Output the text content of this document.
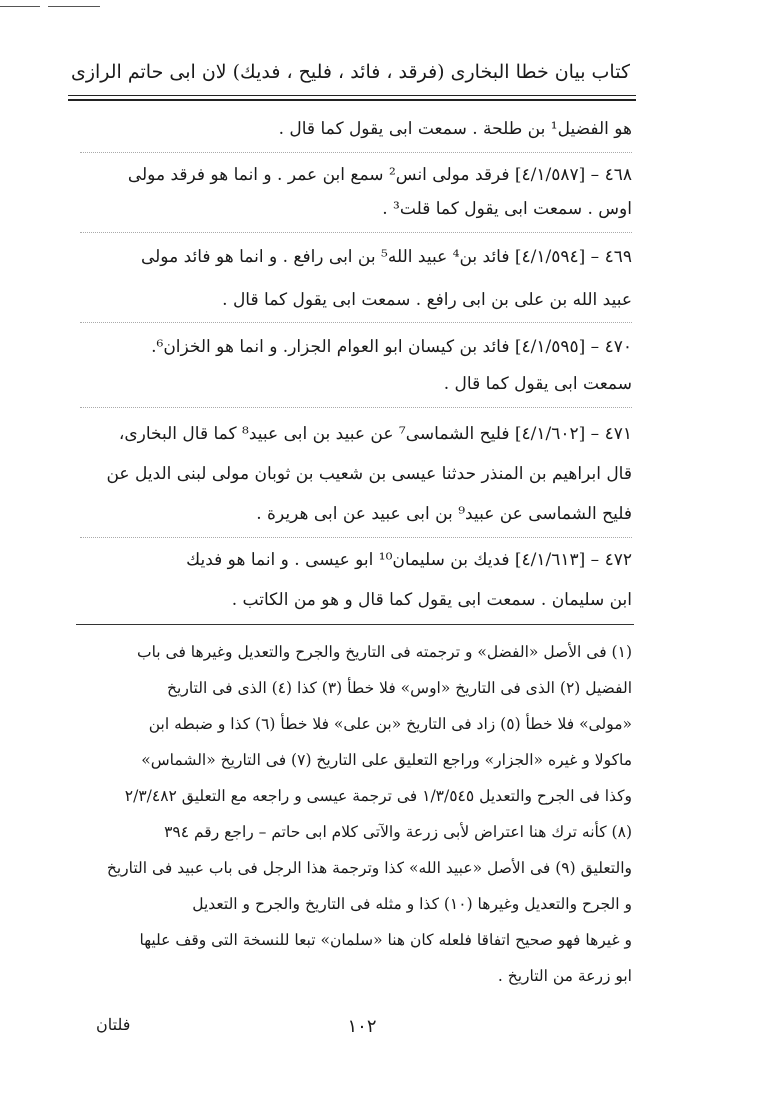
كتاب بيان خطا البخارى (فرقد ، فائد ، فليح ، فديك) لان ابى حاتم الرازى
هو الفضيل¹ بن طلحة . سمعت ابى يقول كما قال .
٤٦٨ – [٤/١/٥٨٧] فرقد مولى انس² سمع ابن عمر . و انما هو فرقد مولى
اوس . سمعت ابى يقول كما قلت³ .
٤٦٩ – [٤/١/٥٩٤] فائد بن⁴ عبيد الله⁵ بن ابى رافع . و انما هو فائد مولى
عبيد الله بن على بن ابى رافع . سمعت ابى يقول كما قال .
٤٧٠ – [٤/١/٥٩٥] فائد بن كيسان ابو العوام الجزار. و انما هو الخزان⁶.
سمعت ابى يقول كما قال .
٤٧١ – [٤/١/٦٠٢] فليح الشماسى⁷ عن عبيد بن ابى عبيد⁸ كما قال البخارى،
قال ابراهيم بن المنذر حدثنا عيسى بن شعيب بن ثوبان مولى لبنى الديل عن
فليح الشماسى عن عبيد⁹ بن ابى عبيد عن ابى هريرة .
٤٧٢ – [٤/١/٦١٣] فديك بن سليمان¹⁰ ابو عيسى . و انما هو فديك
ابن سليمان . سمعت ابى يقول كما قال و هو من الكاتب .
(١) فى الأصل «الفضل» و ترجمته فى التاريخ والجرح والتعديل وغيرها فى باب
الفضيل (٢) الذى فى التاريخ «اوس» فلا خطأ (٣) كذا (٤) الذى فى التاريخ
«مولى» فلا خطأ (٥) زاد فى التاريخ «بن على» فلا خطأ (٦) كذا و ضبطه ابن
ماكولا و غيره «الجزار» وراجع التعليق على التاريخ (٧) فى التاريخ «الشماس»
وكذا فى الجرح والتعديل ١/٣/٥٤٥ فى ترجمة عيسى و راجعه مع التعليق ٢/٣/٤٨٢
(٨) كأنه ترك هنا اعتراض لأبى زرعة والآتى كلام ابى حاتم – راجع رقم ٣٩٤
والتعليق (٩) فى الأصل «عبيد الله» كذا وترجمة هذا الرجل فى باب عبيد فى التاريخ
و الجرح والتعديل وغيرها (١٠) كذا و مثله فى التاريخ والجرح و التعديل
و غيرها فهو صحيح اتفاقا فلعله كان هنا «سلمان» تبعا للنسخة التى وقف عليها
ابو زرعة من التاريخ .
١٠٢
فلتان
